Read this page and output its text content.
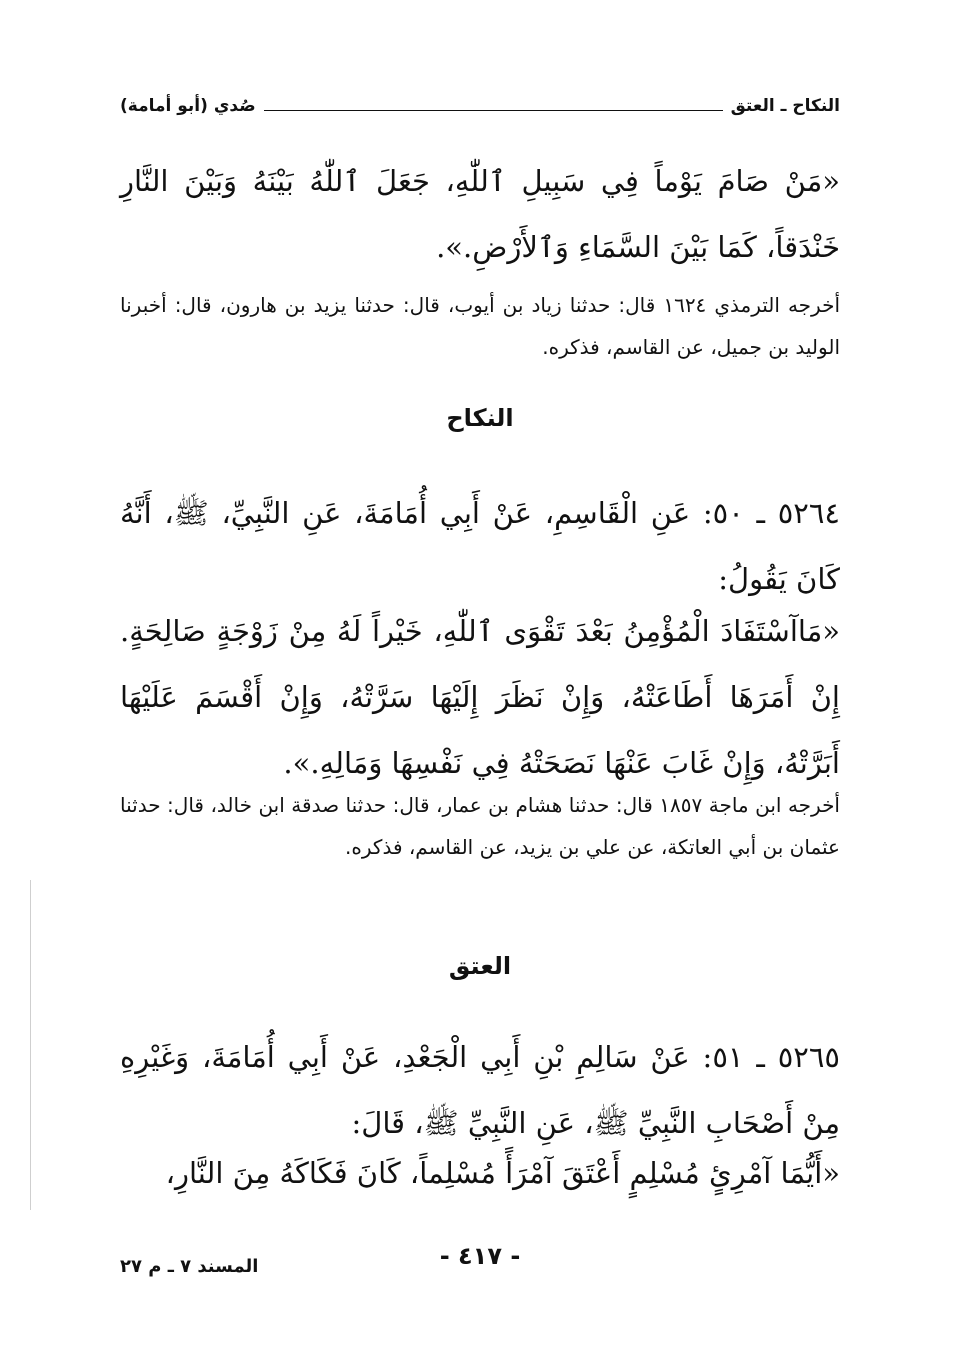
النكاح ـ العتق
صُدي (أبو أمامة)

«مَنْ صَامَ يَوْماً فِي سَبِيلِ ٱللّٰهِ، جَعَلَ ٱللّٰهُ بَيْنَهُ وَبَيْنَ النَّارِ خَنْدَقاً، كَمَا بَيْنَ السَّمَاءِ وَٱلأَرْضِ.».

أخرجه الترمذي ١٦٢٤ قال: حدثنا زياد بن أيوب، قال: حدثنا يزيد بن هارون، قال: أخبرنا الوليد بن جميل، عن القاسم، فذكره.

النكاح

٥٢٦٤ ـ ٥٠: عَنِ الْقَاسِمِ، عَنْ أَبِي أُمَامَةَ، عَنِ النَّبِيِّ، ﷺ، أَنَّهُ كَانَ يَقُولُ:

«مَاآسْتَفَادَ الْمُؤْمِنُ بَعْدَ تَقْوَى ٱللّٰهِ، خَيْراً لَهُ مِنْ زَوْجَةٍ صَالِحَةٍ. إِنْ أَمَرَهَا أَطَاعَتْهُ، وَإِنْ نَظَرَ إِلَيْهَا سَرَّتْهُ، وَإِنْ أَقْسَمَ عَلَيْهَا أَبَرَّتْهُ، وَإِنْ غَابَ عَنْهَا نَصَحَتْهُ فِي نَفْسِهَا وَمَالِهِ.».

أخرجه ابن ماجة ١٨٥٧ قال: حدثنا هشام بن عمار، قال: حدثنا صدقة ابن خالد، قال: حدثنا عثمان بن أبي العاتكة، عن علي بن يزيد، عن القاسم، فذكره.

العتق

٥٢٦٥ ـ ٥١: عَنْ سَالِمِ بْنِ أَبِي الْجَعْدِ، عَنْ أَبِي أُمَامَةَ، وَغَيْرِهِ مِنْ أَصْحَابِ النَّبِيِّ ﷺ، عَنِ النَّبِيِّ ﷺ، قَالَ:

«أَيُّمَا آمْرِئٍ مُسْلِمٍ أَعْتَقَ آمْرَأً مُسْلِماً، كَانَ فَكَاكَهُ مِنَ النَّارِ،

- ٤١٧ -
المسند ٧ ـ م ٢٧
